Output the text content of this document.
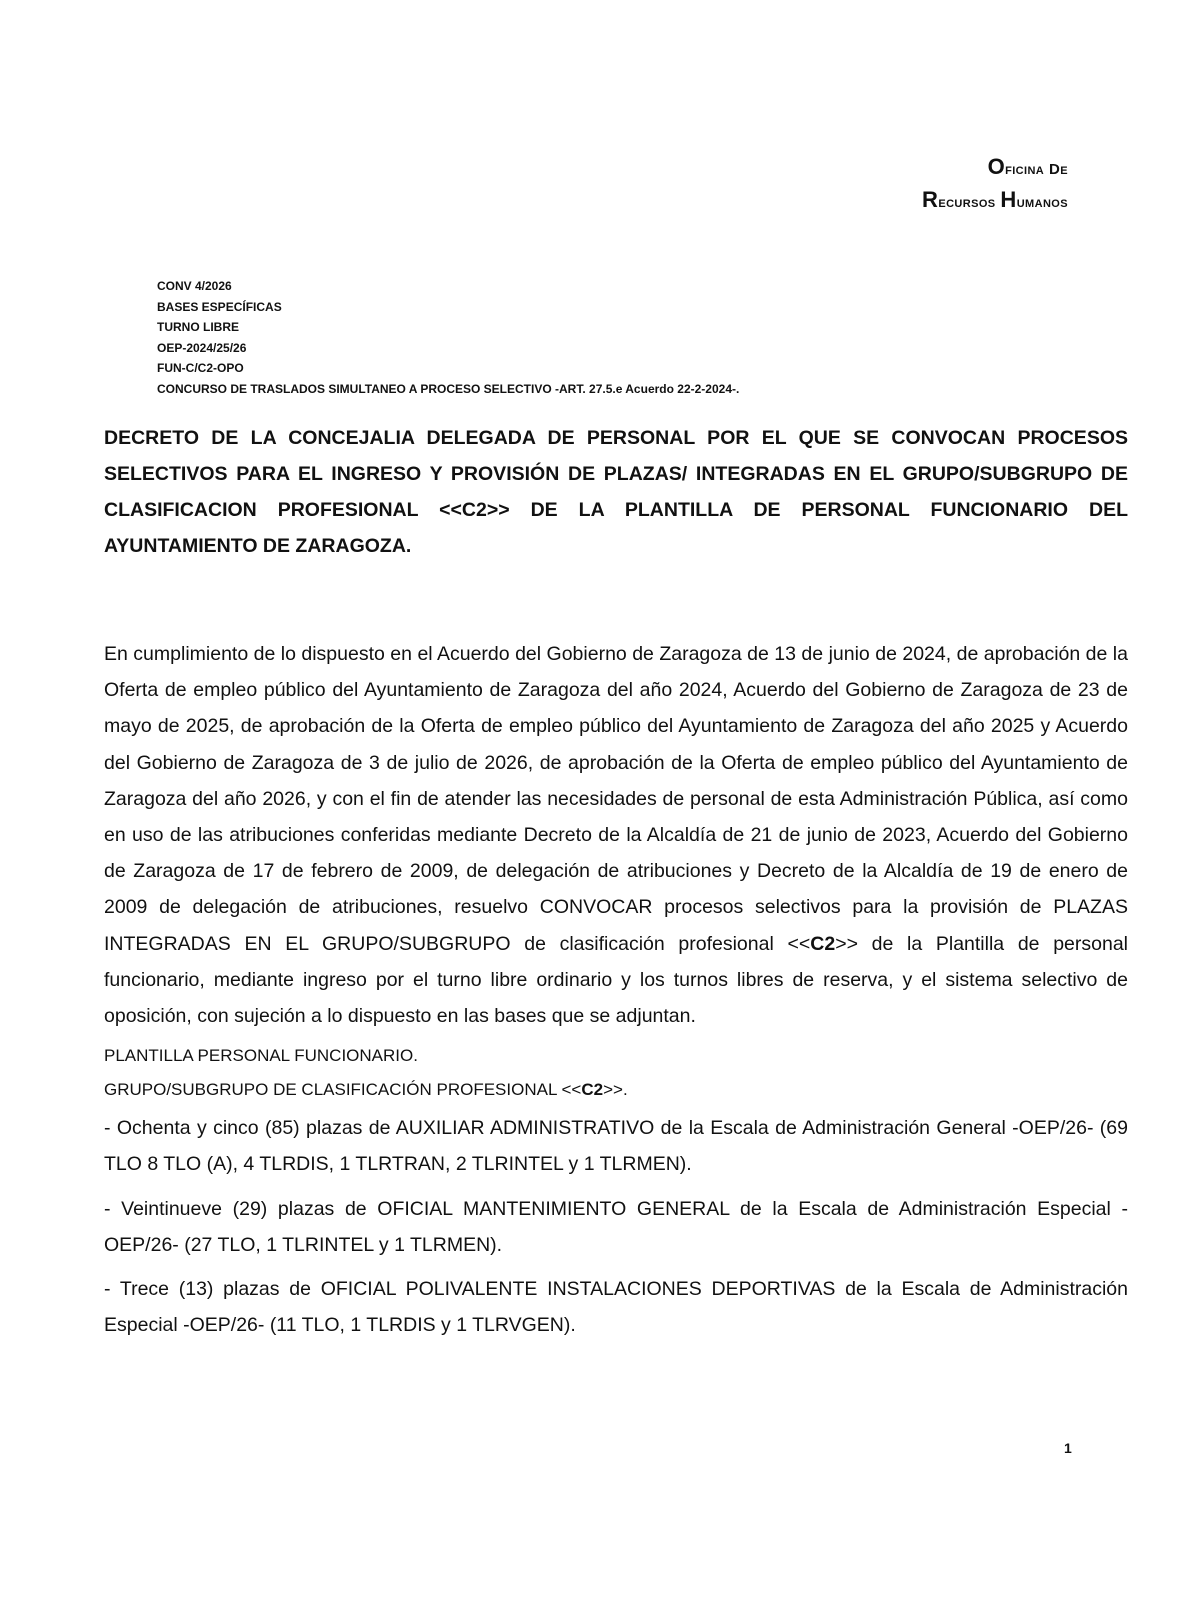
Oficina de
Recursos Humanos
CONV 4/2026
BASES ESPECÍFICAS
TURNO LIBRE
OEP-2024/25/26
FUN-C/C2-OPO
CONCURSO DE TRASLADOS SIMULTANEO A PROCESO SELECTIVO -ART. 27.5.e Acuerdo 22-2-2024-.
DECRETO DE LA CONCEJALIA DELEGADA DE PERSONAL POR EL QUE SE CONVOCAN PROCESOS SELECTIVOS PARA EL INGRESO Y PROVISIÓN DE PLAZAS/ INTEGRADAS EN EL GRUPO/SUBGRUPO DE CLASIFICACION PROFESIONAL <<C2>> DE LA PLANTILLA DE PERSONAL FUNCIONARIO DEL AYUNTAMIENTO DE ZARAGOZA.

En cumplimiento de lo dispuesto en el Acuerdo del Gobierno de Zaragoza de 13 de junio de 2024, de aprobación de la Oferta de empleo público del Ayuntamiento de Zaragoza del año 2024, Acuerdo del Gobierno de Zaragoza de 23 de mayo de 2025, de aprobación de la Oferta de empleo público del Ayuntamiento de Zaragoza del año 2025 y Acuerdo del Gobierno de Zaragoza de 3 de julio de 2026, de aprobación de la Oferta de empleo público del Ayuntamiento de Zaragoza del año 2026, y con el fin de atender las necesidades de personal de esta Administración Pública, así como en uso de las atribuciones conferidas mediante Decreto de la Alcaldía de 21 de junio de 2023, Acuerdo del Gobierno de Zaragoza de 17 de febrero de 2009, de delegación de atribuciones y Decreto de la Alcaldía de 19 de enero de 2009 de delegación de atribuciones, resuelvo CONVOCAR procesos selectivos para la provisión de PLAZAS INTEGRADAS EN EL GRUPO/SUBGRUPO de clasificación profesional <<C2>> de la Plantilla de personal funcionario, mediante ingreso por el turno libre ordinario y los turnos libres de reserva, y el sistema selectivo de oposición, con sujeción a lo dispuesto en las bases que se adjuntan.

PLANTILLA PERSONAL FUNCIONARIO.

GRUPO/SUBGRUPO DE CLASIFICACIÓN PROFESIONAL <<C2>>.

- Ochenta y cinco (85) plazas de AUXILIAR ADMINISTRATIVO de la Escala de Administración General -OEP/26- (69 TLO 8 TLO (A), 4 TLRDIS, 1 TLRTRAN, 2 TLRINTEL y 1 TLRMEN).

- Veintinueve (29) plazas de OFICIAL MANTENIMIENTO GENERAL de la Escala de Administración Especial -OEP/26- (27 TLO, 1 TLRINTEL y 1 TLRMEN).

- Trece (13) plazas de OFICIAL POLIVALENTE INSTALACIONES DEPORTIVAS de la Escala de Administración Especial -OEP/26- (11 TLO, 1 TLRDIS y 1 TLRVGEN).

1
